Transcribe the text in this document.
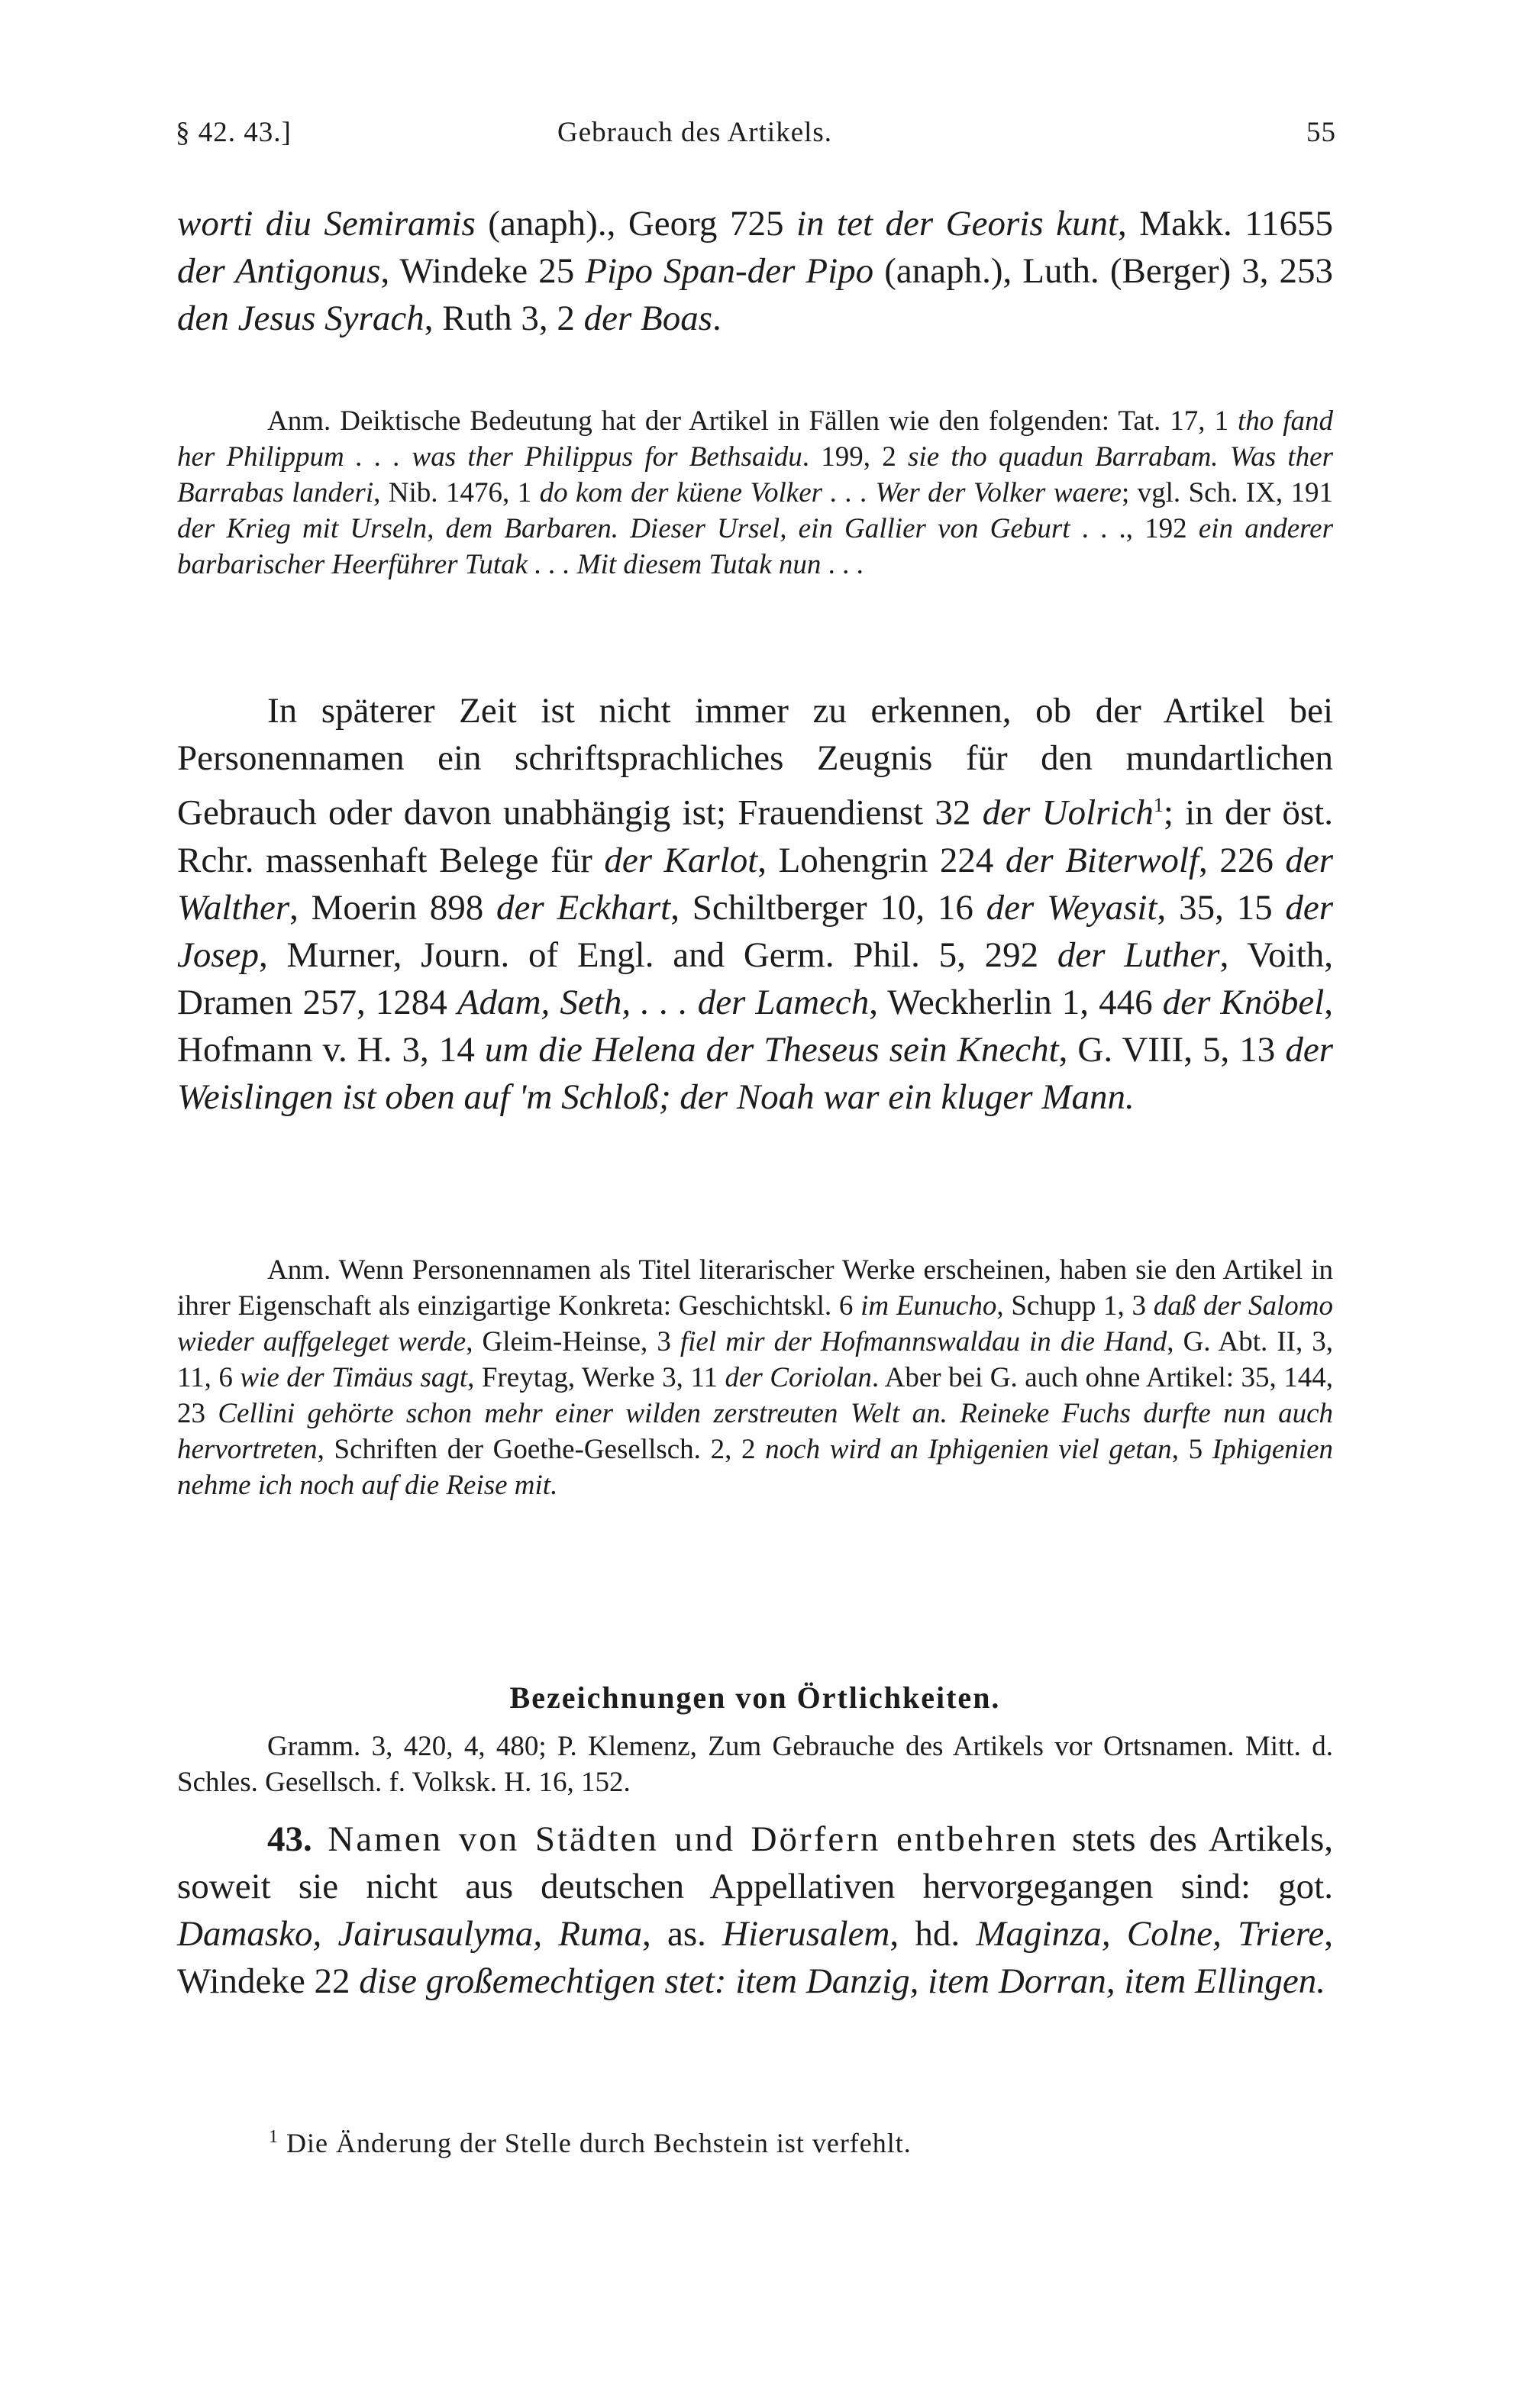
§ 42. 43.]	Gebrauch des Artikels.	55

worti diu Semiramis (anaph)., Georg 725 in tet der Georis kunt, Makk. 11655 der Antigonus, Windeke 25 Pipo Span-der Pipo (anaph.), Luth. (Berger) 3, 253 den Jesus Syrach, Ruth 3, 2 der Boas.

Anm. Deiktische Bedeutung hat der Artikel in Fällen wie den folgenden: Tat. 17, 1 tho fand her Philippum . . . was ther Philippus for Bethsaidu. 199, 2 sie tho quadun Barrabam. Was ther Barrabas landeri, Nib. 1476, 1 do kom der küene Volker . . . Wer der Volker waere; vgl. Sch. IX, 191 der Krieg mit Urseln, dem Barbaren. Dieser Ursel, ein Gallier von Geburt . . ., 192 ein anderer barbarischer Heerführer Tutak . . . Mit diesem Tutak nun . . .

In späterer Zeit ist nicht immer zu erkennen, ob der Artikel bei Personennamen ein schriftsprachliches Zeugnis für den mundartlichen Gebrauch oder davon unabhängig ist; Frauendienst 32 der Uolrich$^1$; in der öst. Rchr. massenhaft Belege für der Karlot, Lohengrin 224 der Biterwolf, 226 der Walther, Moerin 898 der Eckhart, Schiltberger 10, 16 der Weyasit, 35, 15 der Josep, Murner, Journ. of Engl. and Germ. Phil. 5, 292 der Luther, Voith, Dramen 257, 1284 Adam, Seth, . . . der Lamech, Weckherlin 1, 446 der Knöbel, Hofmann v. H. 3, 14 um die Helena der Theseus sein Knecht, G. VIII, 5, 13 der Weislingen ist oben auf 'm Schloß; der Noah war ein kluger Mann.

Anm. Wenn Personennamen als Titel literarischer Werke erscheinen, haben sie den Artikel in ihrer Eigenschaft als einzigartige Konkreta: Geschichtskl. 6 im Eunucho, Schupp 1, 3 daß der Salomo wieder auffgeleget werde, Gleim-Heinse, 3 fiel mir der Hofmannswaldau in die Hand, G. Abt. II, 3, 11, 6 wie der Timäus sagt, Freytag, Werke 3, 11 der Coriolan. Aber bei G. auch ohne Artikel: 35, 144, 23 Cellini gehörte schon mehr einer wilden zerstreuten Welt an. Reineke Fuchs durfte nun auch hervortreten, Schriften der Goethe-Gesellsch. 2, 2 noch wird an Iphigenien viel getan, 5 Iphigenien nehme ich noch auf die Reise mit.

Bezeichnungen von Örtlichkeiten.

Gramm. 3, 420, 4, 480; P. Klemenz, Zum Gebrauche des Artikels vor Ortsnamen. Mitt. d. Schles. Gesellsch. f. Volksk. H. 16, 152.

43. Namen von Städten und Dörfern entbehren stets des Artikels, soweit sie nicht aus deutschen Appellativen hervorgegangen sind: got. Damasko, Jairusaulyma, Ruma, as. Hierusalem, hd. Maginza, Colne, Triere, Windeke 22 dise großemechtigen stet: item Danzig, item Dorran, item Ellingen.

$^1$ Die Änderung der Stelle durch Bechstein ist verfehlt.
